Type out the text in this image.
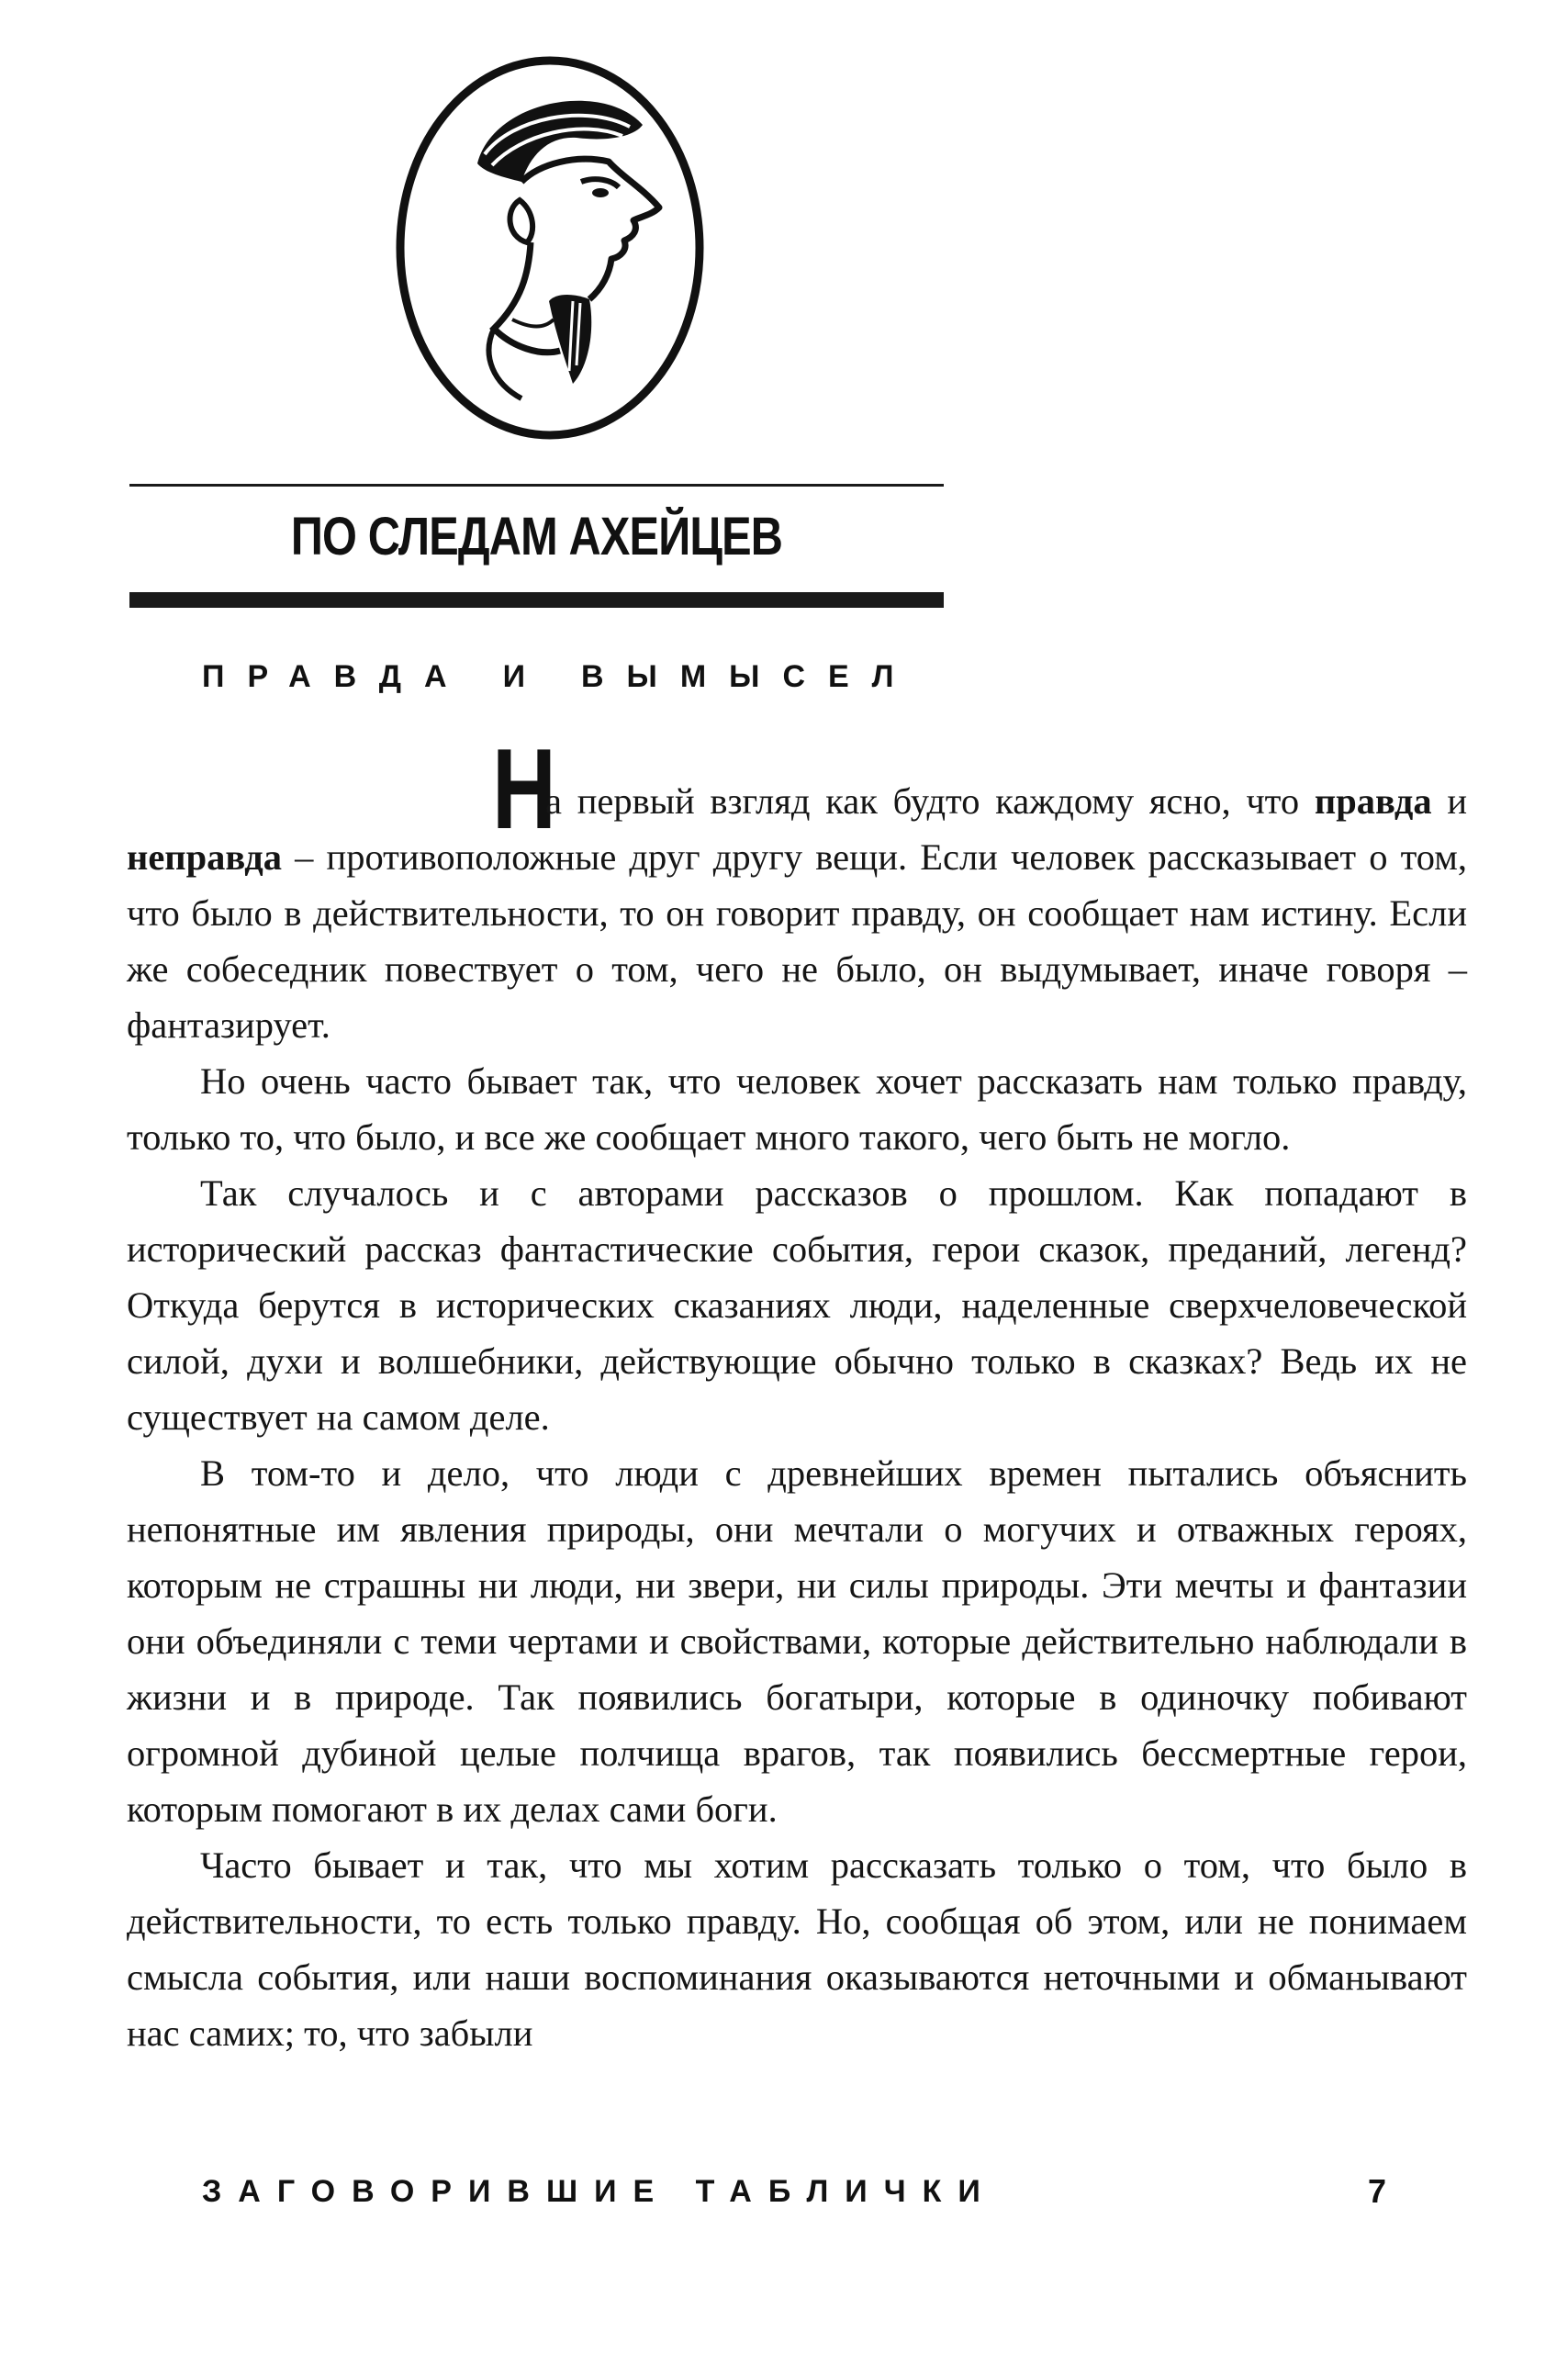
ПО СЛЕДАМ АХЕЙЦЕВ
ПРАВДА И ВЫМЫСЕЛ
Н

а первый взгляд как будто каждому ясно, что правда и неправда – противоположные друг другу вещи. Если человек рассказывает о том, что было в действительности, то он говорит правду, он сообщает нам истину. Если же собеседник повествует о том, чего не было, он выдумывает, иначе говоря – фантазирует.

Но очень часто бывает так, что человек хочет рассказать нам только правду, только то, что было, и все же сообщает много такого, чего быть не могло.

Так случалось и с авторами рассказов о прошлом. Как попадают в исторический рассказ фантастические события, герои сказок, преданий, легенд? Откуда берутся в исторических сказаниях люди, наделенные сверхчеловеческой силой, духи и волшебники, действующие обычно только в сказках? Ведь их не существует на самом деле.

В том-то и дело, что люди с древнейших времен пытались объяснить непонятные им явления природы, они мечтали о могучих и отважных героях, которым не страшны ни люди, ни звери, ни силы природы. Эти мечты и фантазии они объединяли с теми чертами и свойствами, которые действительно наблюдали в жизни и в природе. Так появились богатыри, которые в одиночку побивают огромной дубиной целые полчища врагов, так появились бессмертные герои, которым помогают в их делах сами боги.

Часто бывает и так, что мы хотим рассказать только о том, что было в действительности, то есть только правду. Но, сообщая об этом, или не понимаем смысла события, или наши воспоминания оказываются неточными и обманывают нас самих; то, что забыли

ЗАГОВОРИВШИЕ ТАБЛИЧКИ	7
